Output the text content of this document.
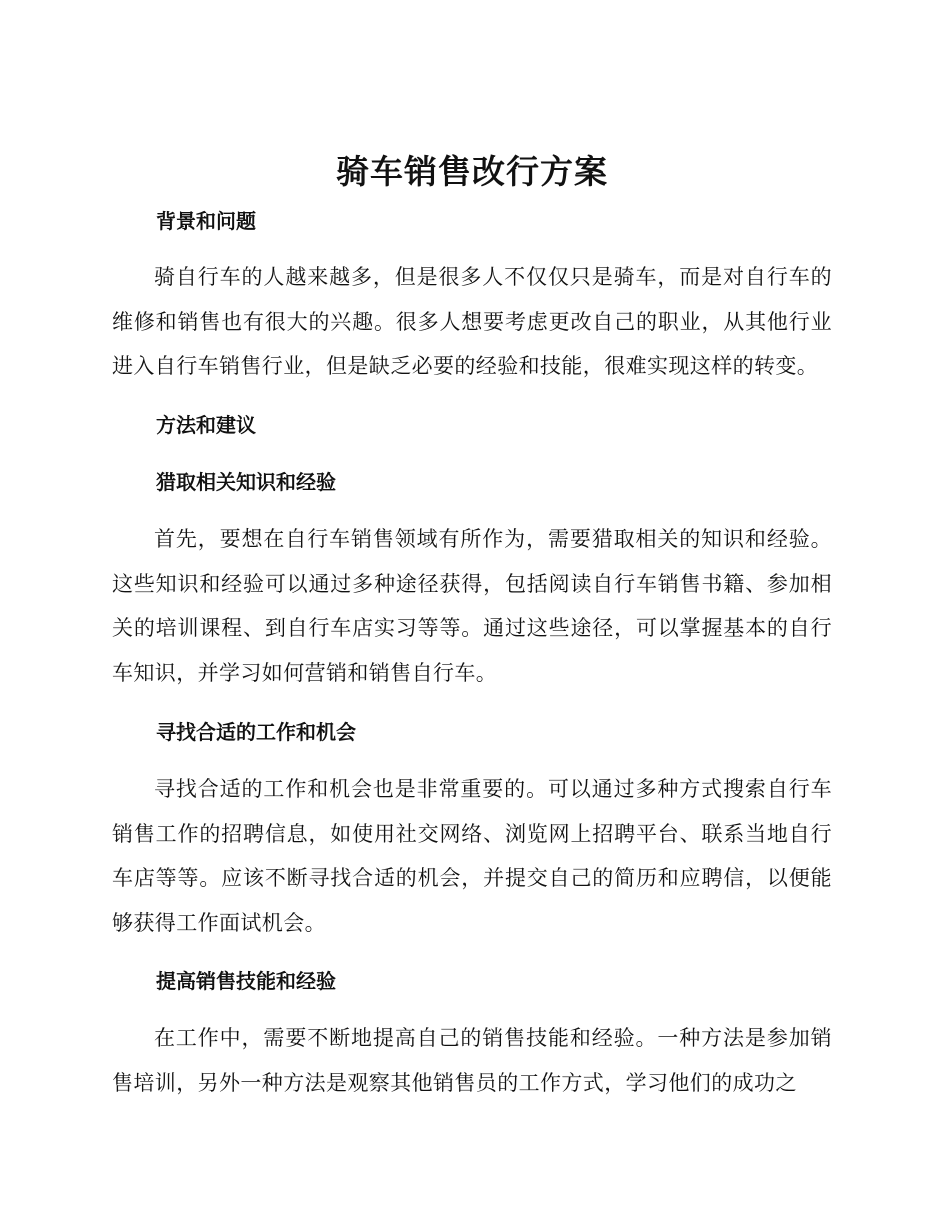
骑车销售改行方案
背景和问题

骑自行车的人越来越多，但是很多人不仅仅只是骑车，而是对自行车的维修和销售也有很大的兴趣。很多人想要考虑更改自己的职业，从其他行业进入自行车销售行业，但是缺乏必要的经验和技能，很难实现这样的转变。

方法和建议
猎取相关知识和经验

首先，要想在自行车销售领域有所作为，需要猎取相关的知识和经验。这些知识和经验可以通过多种途径获得，包括阅读自行车销售书籍、参加相关的培训课程、到自行车店实习等等。通过这些途径，可以掌握基本的自行车知识，并学习如何营销和销售自行车。

寻找合适的工作和机会

寻找合适的工作和机会也是非常重要的。可以通过多种方式搜索自行车销售工作的招聘信息，如使用社交网络、浏览网上招聘平台、联系当地自行车店等等。应该不断寻找合适的机会，并提交自己的简历和应聘信，以便能够获得工作面试机会。

提高销售技能和经验

在工作中，需要不断地提高自己的销售技能和经验。一种方法是参加销售培训，另外一种方法是观察其他销售员的工作方式，学习他们的成功之
